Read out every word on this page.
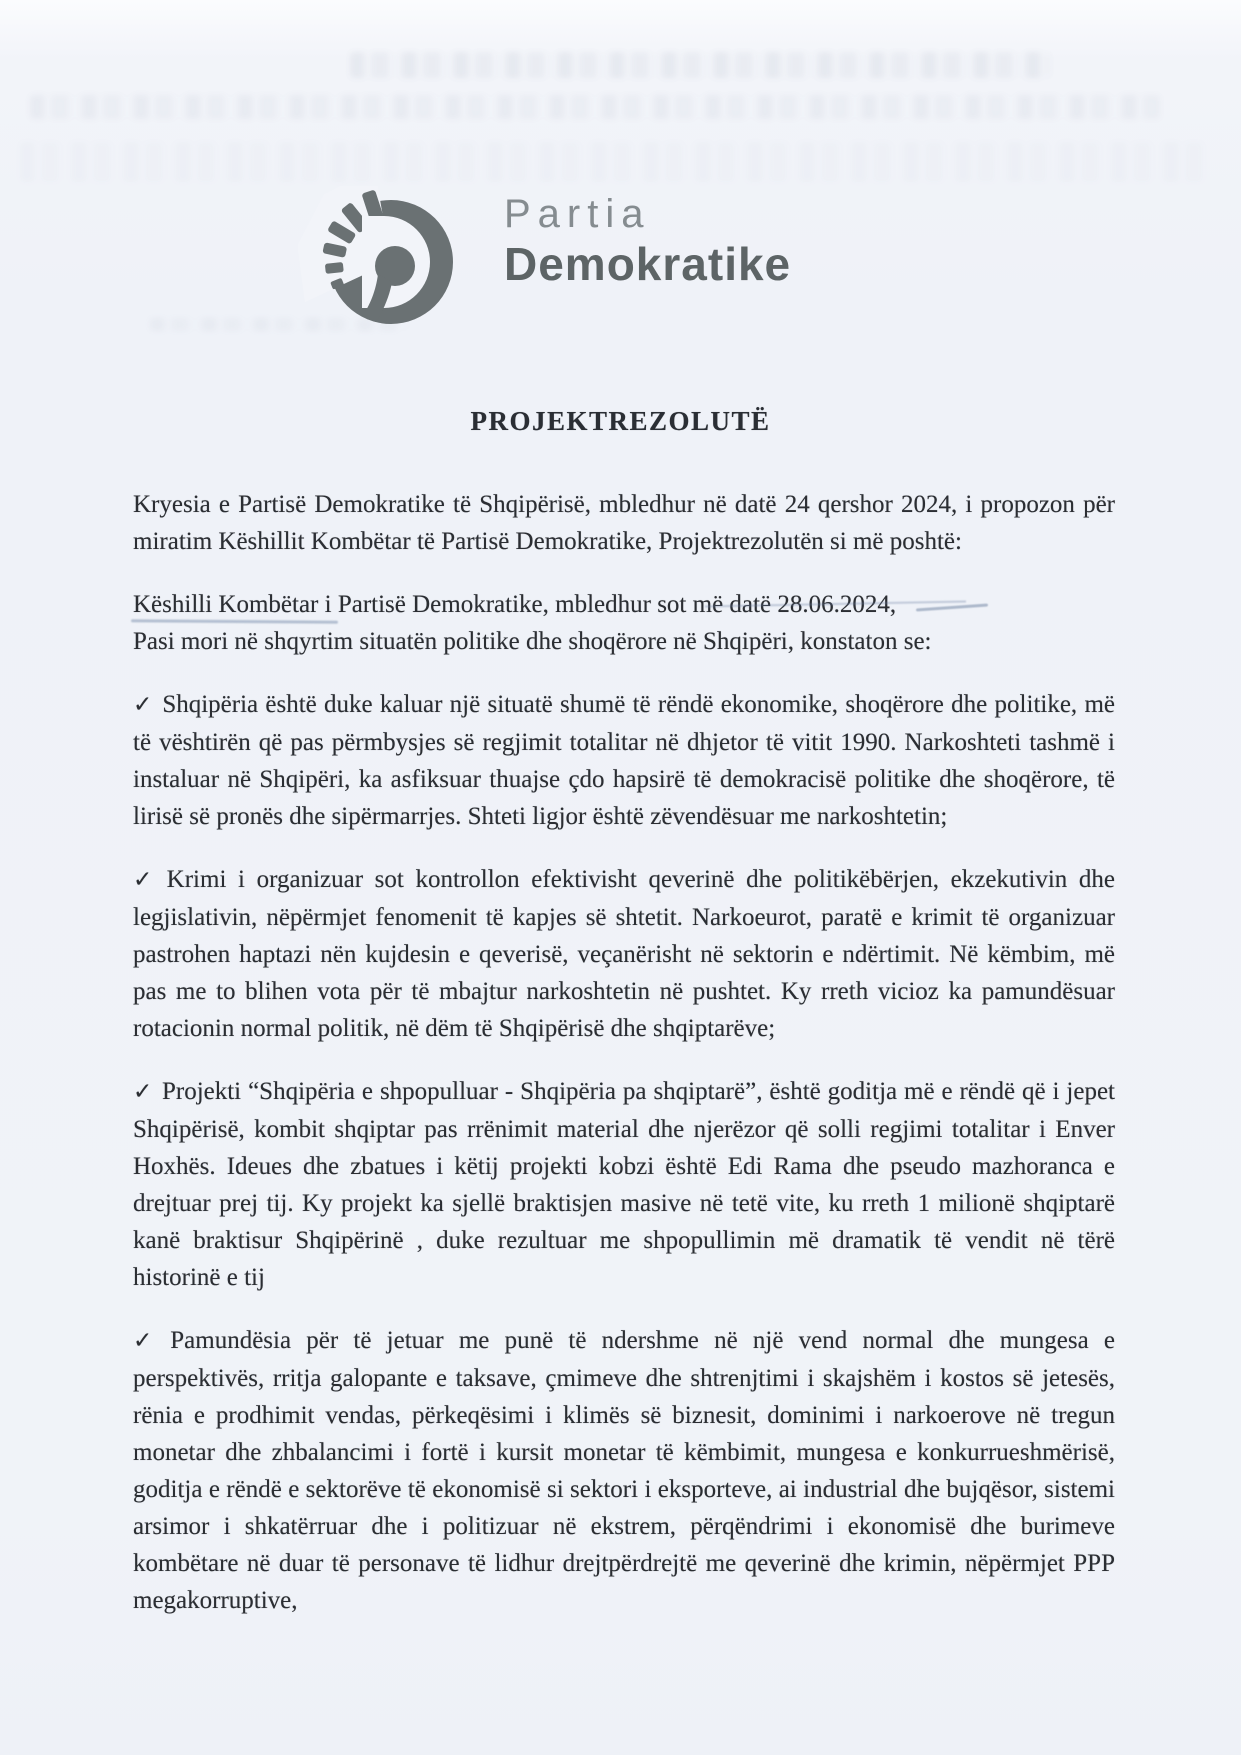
Partia
Demokratike
PROJEKTREZOLUTË

Kryesia e Partisë Demokratike të Shqipërisë, mbledhur në datë 24 qershor 2024, i propozon për miratim Këshillit Kombëtar të Partisë Demokratike, Projektrezolutën si më poshtë:

Këshilli Kombëtar i Partisë Demokratike, mbledhur sot më datë 28.06.2024,
Pasi mori në shqyrtim situatën politike dhe shoqërore në Shqipëri, konstaton se:

✓ Shqipëria është duke kaluar një situatë shumë të rëndë ekonomike, shoqërore dhe politike, më të vështirën që pas përmbysjes së regjimit totalitar në dhjetor të vitit 1990. Narkoshteti tashmë i instaluar në Shqipëri, ka asfiksuar thuajse çdo hapsirë të demokracisë politike dhe shoqërore, të lirisë së pronës dhe sipërmarrjes. Shteti ligjor është zëvendësuar me narkoshtetin;

✓ Krimi i organizuar sot kontrollon efektivisht qeverinë dhe politikëbërjen, ekzekutivin dhe legjislativin, nëpërmjet fenomenit të kapjes së shtetit. Narkoeurot, paratë e krimit të organizuar pastrohen haptazi nën kujdesin e qeverisë, veçanërisht në sektorin e ndërtimit. Në këmbim, më pas me to blihen vota për të mbajtur narkoshtetin në pushtet. Ky rreth vicioz ka pamundësuar rotacionin normal politik, në dëm të Shqipërisë dhe shqiptarëve;

✓ Projekti “Shqipëria e shpopulluar - Shqipëria pa shqiptarë”, është goditja më e rëndë që i jepet Shqipërisë, kombit shqiptar pas rrënimit material dhe njerëzor që solli regjimi totalitar i Enver Hoxhës. Ideues dhe zbatues i këtij projekti kobzi është Edi Rama dhe pseudo mazhoranca e drejtuar prej tij. Ky projekt ka sjellë braktisjen masive në tetë vite, ku rreth 1 milionë shqiptarë kanë braktisur Shqipërinë , duke rezultuar me shpopullimin më dramatik të vendit në tërë historinë e tij

✓ Pamundësia për të jetuar me punë të ndershme në një vend normal dhe mungesa e perspektivës, rritja galopante e taksave, çmimeve dhe shtrenjtimi i skajshëm i kostos së jetesës, rënia e prodhimit vendas, përkeqësimi i klimës së biznesit, dominimi i narkoerove në tregun monetar dhe zhbalancimi i fortë i kursit monetar të këmbimit, mungesa e konkurrueshmërisë, goditja e rëndë e sektorëve të ekonomisë si sektori i eksporteve, ai industrial dhe bujqësor, sistemi arsimor i shkatërruar dhe i politizuar në ekstrem, përqëndrimi i ekonomisë dhe burimeve kombëtare në duar të personave të lidhur drejtpërdrejtë me qeverinë dhe krimin, nëpërmjet PPP megakorruptive,
